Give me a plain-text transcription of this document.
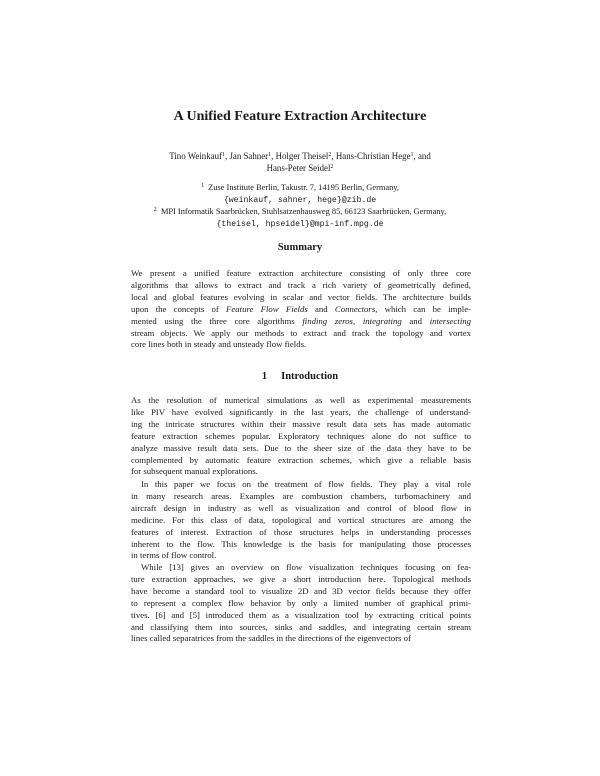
A Unified Feature Extraction Architecture
Tino Weinkauf$^1$, Jan Sahner$^1$, Holger Theisel$^2$, Hans-Christian Hege$^1$, and
Hans-Peter Seidel$^2$
$^1$ Zuse Institute Berlin, Takustr. 7, 14195 Berlin, Germany,
{weinkauf, sahner, hege}@zib.de
$^2$ MPI Informatik Saarbrücken, Stuhlsatzenhausweg 85, 66123 Saarbrücken, Germany,
{theisel, hpseidel}@mpi-inf.mpg.de
Summary
We present a unified feature extraction architecture consisting of only three core
algorithms that allows to extract and track a rich variety of geometrically defined,
local and global features evolving in scalar and vector fields. The architecture builds
upon the concepts of Feature Flow Fields and Connectors, which can be imple-
mented using the three core algorithms finding zeros, integrating and intersecting
stream objects. We apply our methods to extract and track the topology and vortex
core lines both in steady and unsteady flow fields.
1 Introduction
As the resolution of numerical simulations as well as experimental measurements
like PIV have evolved significantly in the last years, the challenge of understand-
ing the intricate structures within their massive result data sets has made automatic
feature extraction schemes popular. Exploratory techniques alone do not suffice to
analyze massive result data sets. Due to the sheer size of the data they have to be
complemented by automatic feature extraction schemes, which give a reliable basis
for subsequent manual explorations.
In this paper we focus on the treatment of flow fields. They play a vital role
in many research areas. Examples are combustion chambers, turbomachinery and
aircraft design in industry as well as visualization and control of blood flow in
medicine. For this class of data, topological and vortical structures are among the
features of interest. Extraction of those structures helps in understanding processes
inherent to the flow. This knowledge is the basis for manipulating those processes
in terms of flow control.
While [13] gives an overview on flow visualization techniques focusing on fea-
ture extraction approaches, we give a short introduction here. Topological methods
have become a standard tool to visualize 2D and 3D vector fields because they offer
to represent a complex flow behavior by only a limited number of graphical primi-
tives. [6] and [5] introduced them as a visualization tool by extracting critical points
and classifying them into sources, sinks and saddles, and integrating certain stream
lines called separatrices from the saddles in the directions of the eigenvectors of
